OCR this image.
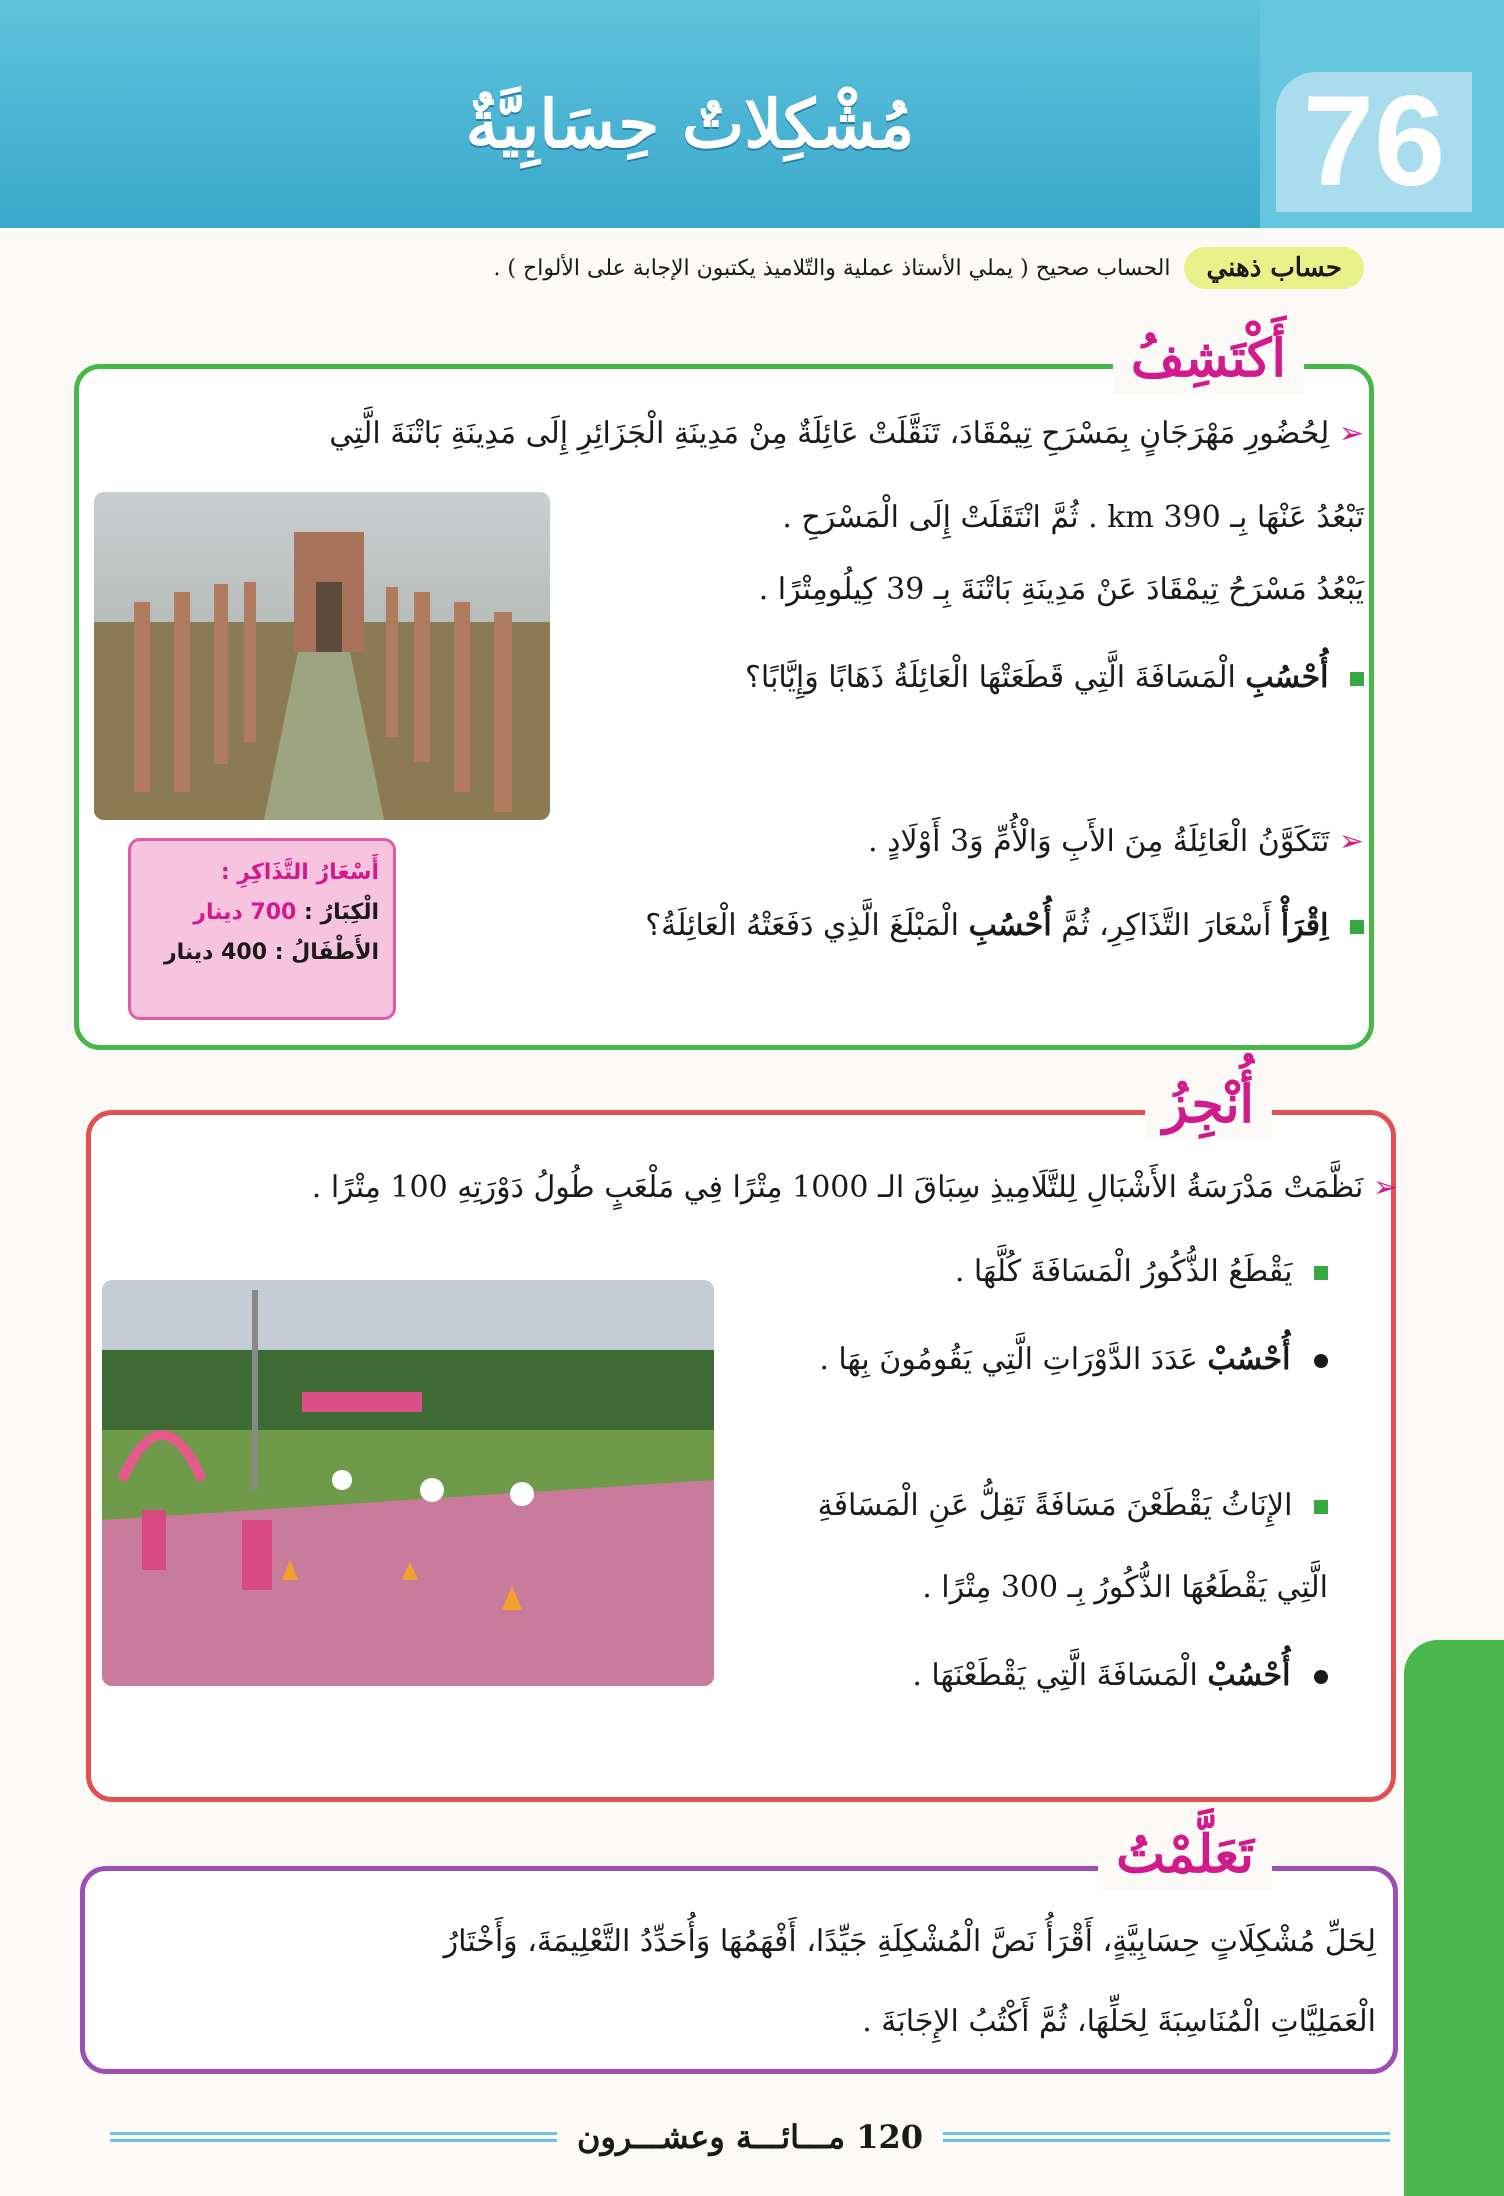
مُشْكِلاتٌ حِسَابِيَّةٌ	76
حساب ذهني
الحساب صحيح ( يملي الأستاذ عملية والتّلاميذ يكتبون الإجابة على الألواح ) .
أَكْتَشِفُ
➢ لِحُضُورِ مَهْرَجَانٍ بِمَسْرَحِ تِيمْقَادَ، تَنَقَّلَتْ عَائِلَةٌ مِنْ مَدِينَةِ الْجَزَائِرِ إِلَى مَدِينَةِ بَاتْنَةَ الَّتِي
تَبْعُدُ عَنْهَا بِـ 390 km . ثُمَّ انْتَقَلَتْ إِلَى الْمَسْرَحِ .
يَبْعُدُ مَسْرَحُ تِيمْقَادَ عَنْ مَدِينَةِ بَاتْنَةَ بِـ 39 كِيلُومِتْرًا .
أُحْسُبِ الْمَسَافَةَ الَّتِي قَطَعَتْهَا الْعَائِلَةُ ذَهَابًا وَإِيَّابًا؟
➢ تَتَكَوَّنُ الْعَائِلَةُ مِنَ الأَبِ وَالْأُمِّ وَ3 أَوْلَادٍ .
اِقْرَأْ أَسْعَارَ التَّذَاكِرِ، ثُمَّ أُحْسُبِ الْمَبْلَغَ الَّذِي دَفَعَتْهُ الْعَائِلَةُ؟
أَسْعَارُ التَّذَاكِرِ :
الْكِبَارُ : 700 دينار
الأَطْفَالُ : 400 دينار
أُنْجِزُ
➢ نَظَّمَتْ مَدْرَسَةُ الأَشْبَالِ لِلتَّلَامِيذِ سِبَاقَ الـ 1000 مِتْرًا فِي مَلْعَبٍ طُولُ دَوْرَتِهِ 100 مِتْرًا .
يَقْطَعُ الذُّكُورُ الْمَسَافَةَ كُلَّهَا .
أُحْسُبْ عَدَدَ الدَّوْرَاتِ الَّتِي يَقُومُونَ بِهَا .
الإِنَاثُ يَقْطَعْنَ مَسَافَةً تَقِلُّ عَنِ الْمَسَافَةِ
الَّتِي يَقْطَعُهَا الذُّكُورُ بِـ 300 مِتْرًا .
أُحْسُبْ الْمَسَافَةَ الَّتِي يَقْطَعْنَهَا .
تَعَلَّمْتُ
لِحَلِّ مُشْكِلَاتٍ حِسَابِيَّةٍ، أَقْرَأُ نَصَّ الْمُشْكِلَةِ جَيِّدًا، أَفْهَمُهَا وَأُحَدِّدُ التَّعْلِيمَةَ، وَأَخْتَارُ
الْعَمَلِيَّاتِ الْمُنَاسِبَةَ لِحَلِّهَا، ثُمَّ أَكْتُبُ الإِجَابَةَ .
120 مـــائـــة وعشـــرون
